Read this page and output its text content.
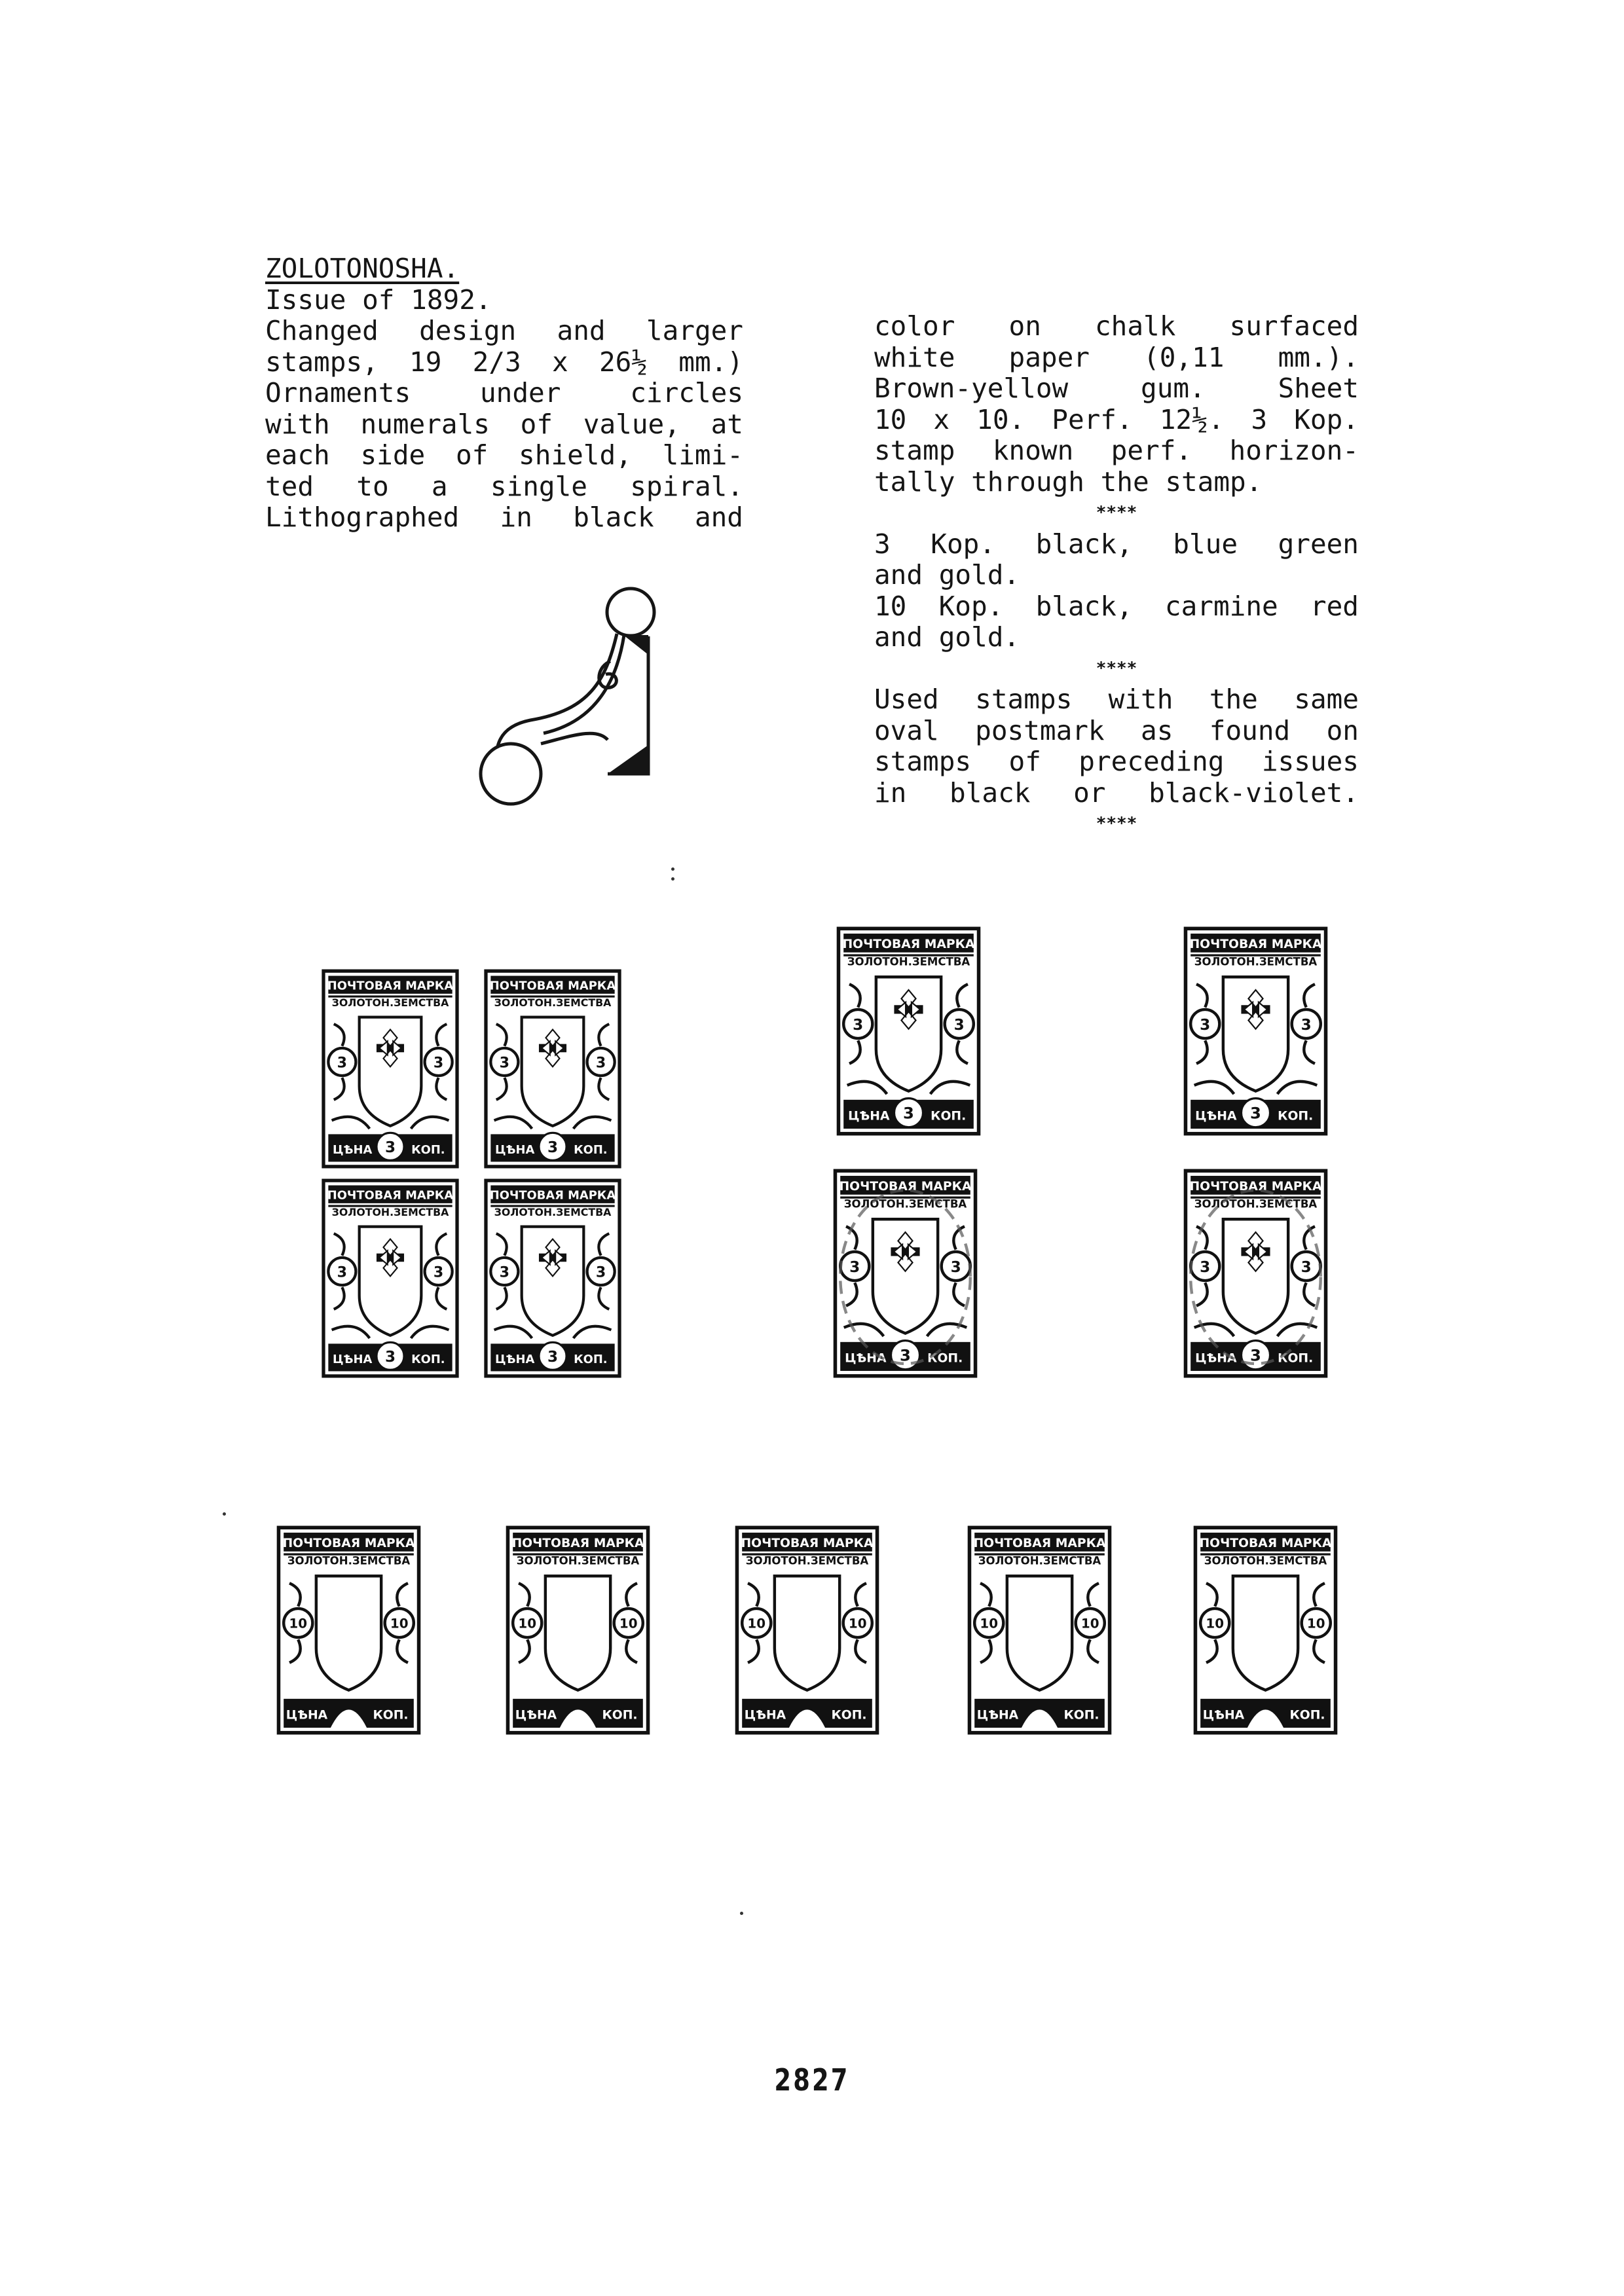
ZOLOTONOSHA.

Issue of 1892.

Changed design and larger

stamps, 19 2/3 x 26½ mm.)

Ornaments under circles

with numerals of value, at

each side of shield, limi-

ted to a single spiral.

Lithographed in black and

color on chalk surfaced

white paper (0,11 mm.).

Brown-yellow gum. Sheet

10 x 10. Perf. 12½. 3 Kop.

stamp known perf. horizon-

tally through the stamp.

****

3 Kop. black, blue green

and gold.

10 Kop. black, carmine red

and gold.

****

Used stamps with the same

oval postmark as found on

stamps of preceding issues

in black or black-violet.

****

ПОЧТОВАЯ МАРКА
ЗОЛОТОН.ЗЕМСТВА
3	3
3
ЦѢНА	КОП.
ПОЧТОВАЯ МАРКА
ЗОЛОТОН.ЗЕМСТВА
3	3
3
ЦѢНА	КОП.
ПОЧТОВАЯ МАРКА
ЗОЛОТОН.ЗЕМСТВА
3	3
3
ЦѢНА	КОП.
ПОЧТОВАЯ МАРКА
ЗОЛОТОН.ЗЕМСТВА
3	3
3
ЦѢНА	КОП.
ПОЧТОВАЯ МАРКА
ЗОЛОТОН.ЗЕМСТВА
3	3
3
ЦѢНА	КОП.
ПОЧТОВАЯ МАРКА
ЗОЛОТОН.ЗЕМСТВА
3	3
3
ЦѢНА	КОП.
ПОЧТОВАЯ МАРКА
ЗОЛОТОН.ЗЕМСТВА
3	3
3
ЦѢНА	КОП.
ПОЧТОВАЯ МАРКА
ЗОЛОТОН.ЗЕМСТВА
3	3
3
ЦѢНА	КОП.
ПОЧТОВАЯ МАРКА
ЗОЛОТОН.ЗЕМСТВА
10	10
ЦѢНА	КОП.
ПОЧТОВАЯ МАРКА
ЗОЛОТОН.ЗЕМСТВА
10	10
ЦѢНА	КОП.
ПОЧТОВАЯ МАРКА
ЗОЛОТОН.ЗЕМСТВА
10	10
ЦѢНА	КОП.
ПОЧТОВАЯ МАРКА
ЗОЛОТОН.ЗЕМСТВА
10	10
ЦѢНА	КОП.
ПОЧТОВАЯ МАРКА
ЗОЛОТОН.ЗЕМСТВА
10	10
ЦѢНА	КОП.
2827
